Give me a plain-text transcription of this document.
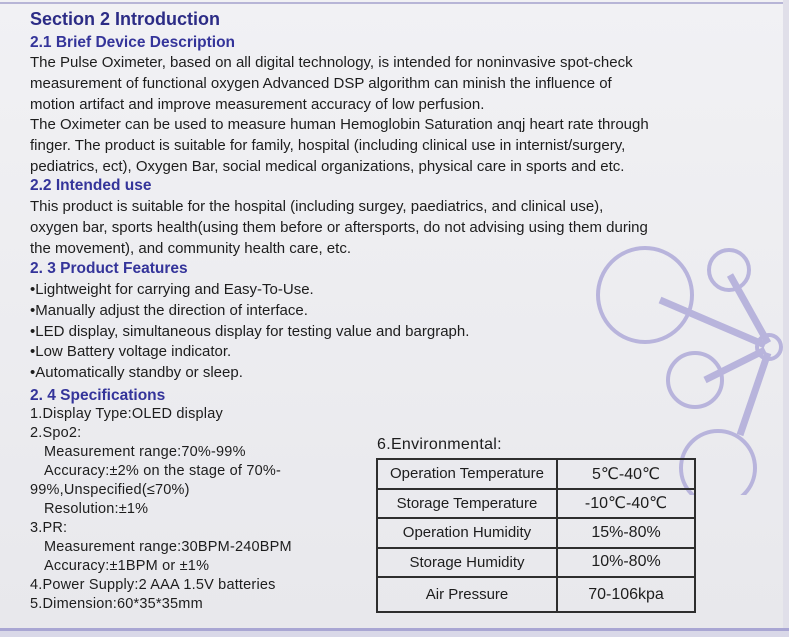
Section 2 Introduction
2.1 Brief Device Description
The Pulse Oximeter, based on all digital technology, is intended for noninvasive spot-check
measurement of functional oxygen Advanced DSP algorithm can minish the influence of
motion artifact and improve measurement accuracy of low perfusion.
The Oximeter can be used to measure human Hemoglobin Saturation anqj heart rate through
finger. The product is suitable for family, hospital (including clinical use in internist/surgery,
pediatrics, ect), Oxygen Bar, social medical organizations, physical care in sports and etc.
2.2 Intended use
This product is suitable for the hospital (including surgey, paediatrics, and clinical use),
oxygen bar, sports health(using them before or aftersports, do not advising using them during
the movement), and community health care, etc.
2. 3 Product Features
•Lightweight for carrying and Easy-To-Use.
•Manually adjust the direction of interface.
•LED display, simultaneous display for testing value and bargraph.
•Low Battery voltage indicator.
•Automatically standby or sleep.
2. 4 Specifications
1.Display Type:OLED display
2.Spo2:
Measurement range:70%-99%
Accuracy:±2% on the stage of 70%-
99%,Unspecified(≤70%)
Resolution:±1%
3.PR:
Measurement range:30BPM-240BPM
Accuracy:±1BPM or ±1%
4.Power Supply:2 AAA 1.5V batteries
5.Dimension:60*35*35mm
6.Environmental:
Operation Temperature	5℃-40℃
Storage Temperature	-10℃-40℃
Operation Humidity	15%-80%
Storage Humidity	10%-80%
Air Pressure	70-106kpa
